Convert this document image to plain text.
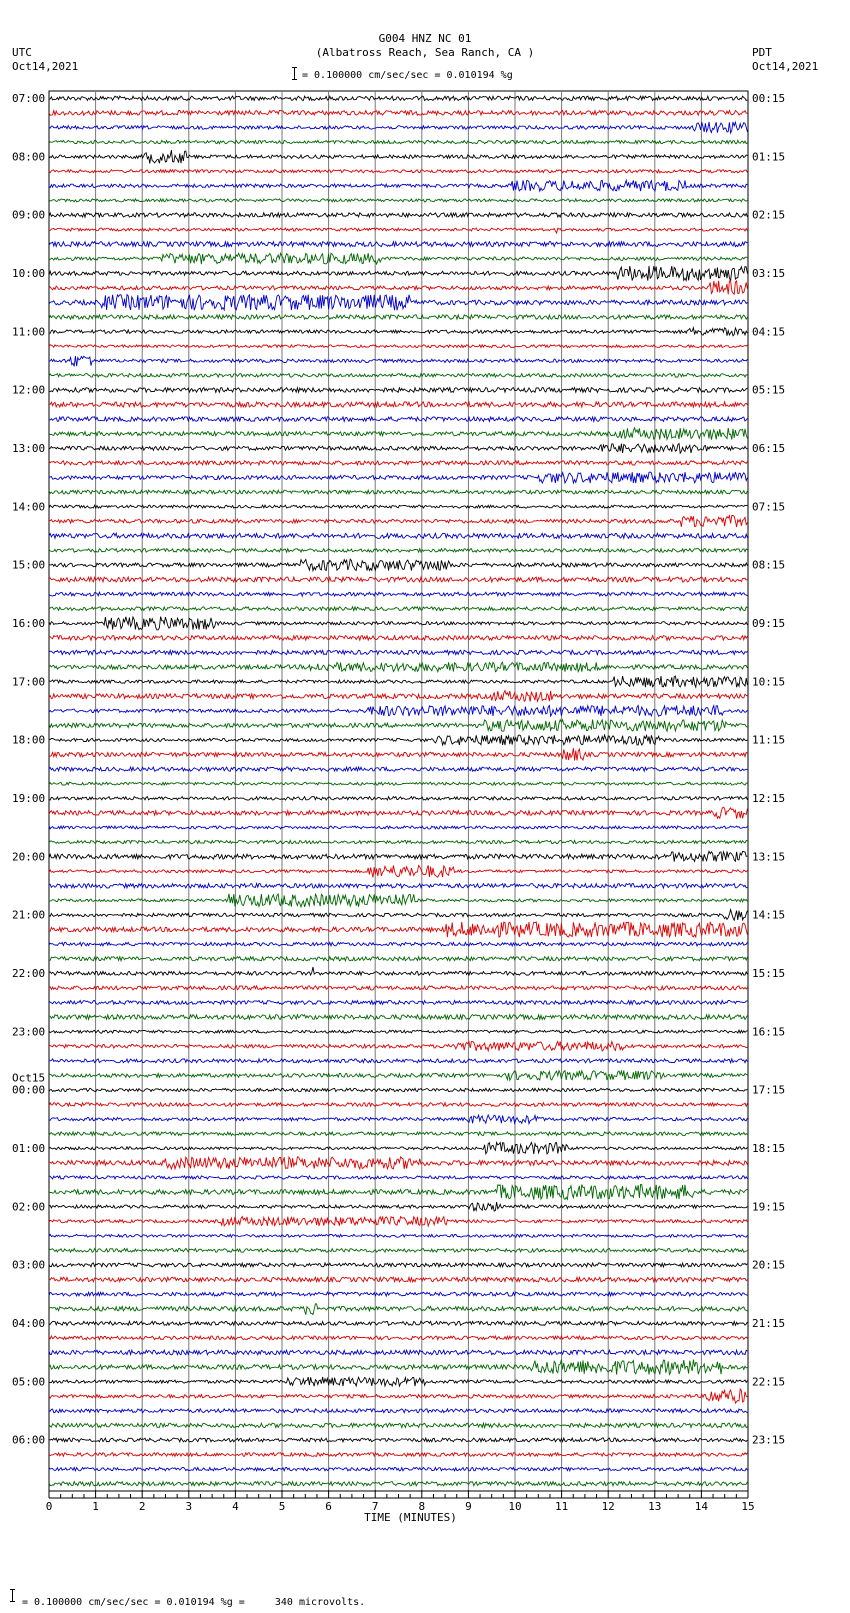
G004 HNZ NC 01
(Albatross Reach, Sea Ranch, CA )
= 0.100000 cm/sec/sec = 0.010194 %g
UTC
Oct14,2021
PDT
Oct14,2021
07:00	00:15
08:00	01:15
09:00	02:15
10:00	03:15
11:00	04:15
12:00	05:15
13:00	06:15
14:00	07:15
15:00	08:15
16:00	09:15
17:00	10:15
18:00	11:15
19:00	12:15
20:00	13:15
21:00	14:15
22:00	15:15
23:00	16:15
00:00	17:15
01:00	18:15
02:00	19:15
03:00	20:15
04:00	21:15
05:00	22:15
06:00	23:15
Oct15
0	1	2	3	4	5	6	7	8	9	10	11	12	13	14	15
TIME (MINUTES)
= 0.100000 cm/sec/sec = 0.010194 %g =     340 microvolts.
